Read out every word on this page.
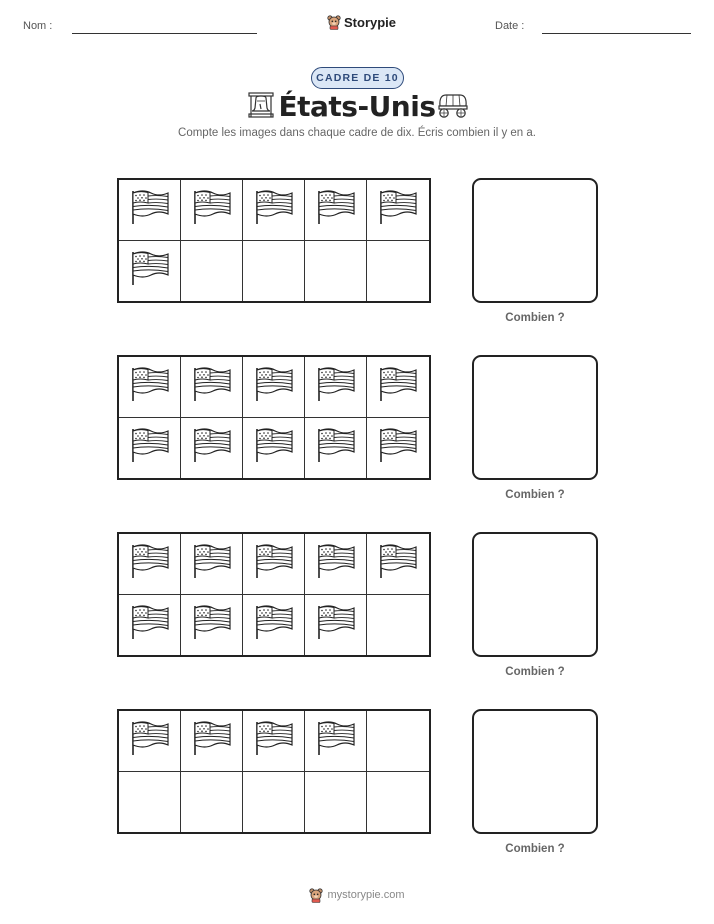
Nom :	Storypie	Date :
CADRE DE 10
États-Unis
Compte les images dans chaque cadre de dix. Écris combien il y en a.
Combien ?
Combien ?
Combien ?
Combien ?
mystorypie.com
